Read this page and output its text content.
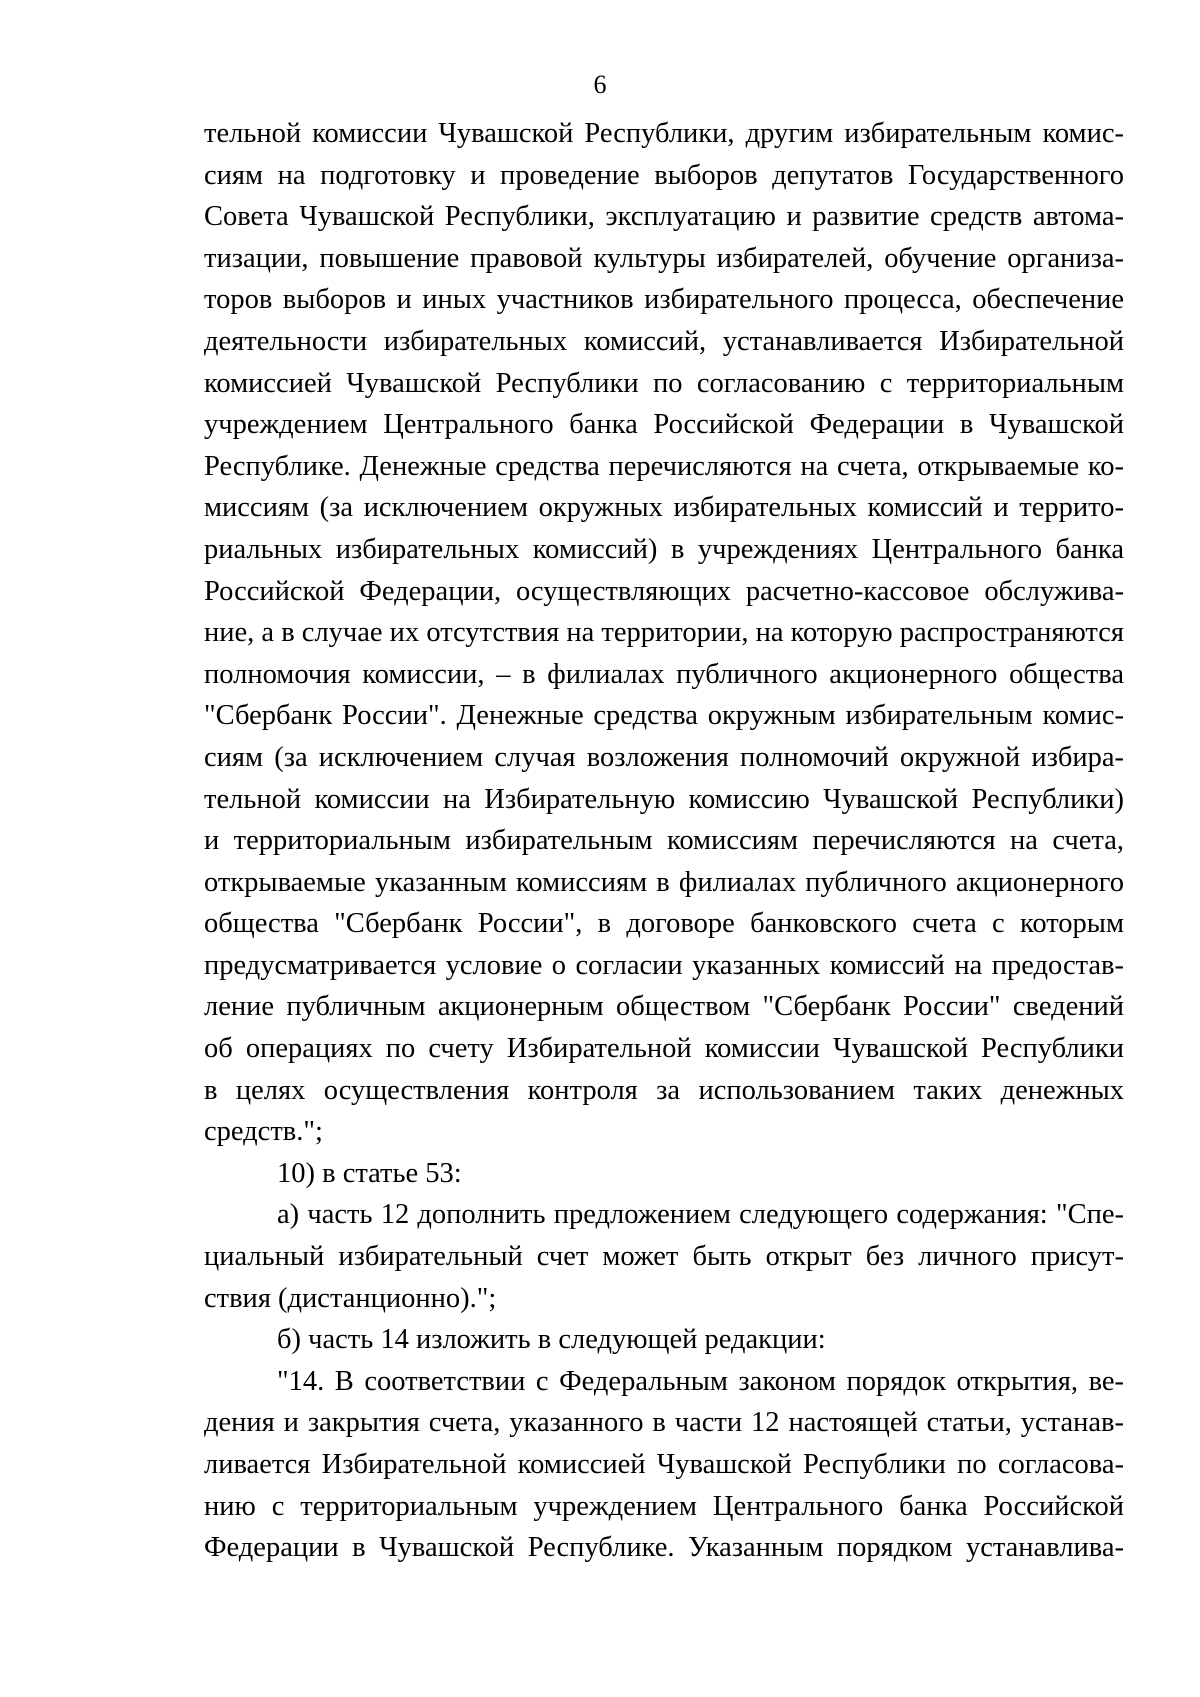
6

тельной комиссии Чувашской Республики, другим избирательным комис-

сиям на подготовку и проведение выборов депутатов Государственного

Совета Чувашской Республики, эксплуатацию и развитие средств автома-

тизации, повышение правовой культуры избирателей, обучение организа-

торов выборов и иных участников избирательного процесса, обеспечение

деятельности избирательных комиссий, устанавливается Избирательной

комиссией Чувашской Республики по согласованию с территориальным

учреждением Центрального банка Российской Федерации в Чувашской

Республике. Денежные средства перечисляются на счета, открываемые ко-

миссиям (за исключением окружных избирательных комиссий и террито-

риальных избирательных комиссий) в учреждениях Центрального банка

Российской Федерации, осуществляющих расчетно-кассовое обслужива-

ние, а в случае их отсутствия на территории, на которую распространяются

полномочия комиссии, – в филиалах публичного акционерного общества

"Сбербанк России". Денежные средства окружным избирательным комис-

сиям (за исключением случая возложения полномочий окружной избира-

тельной комиссии на Избирательную комиссию Чувашской Республики)

и территориальным избирательным комиссиям перечисляются на счета,

открываемые указанным комиссиям в филиалах публичного акционерного

общества "Сбербанк России", в договоре банковского счета с которым

предусматривается условие о согласии указанных комиссий на предостав-

ление публичным акционерным обществом "Сбербанк России" сведений

об операциях по счету Избирательной комиссии Чувашской Республики

в целях осуществления контроля за использованием таких денежных

средств.";

10) в статье 53:

а) часть 12 дополнить предложением следующего содержания: "Спе-

циальный избирательный счет может быть открыт без личного присут-

ствия (дистанционно).";

б) часть 14 изложить в следующей редакции:

"14. В соответствии с Федеральным законом порядок открытия, ве-

дения и закрытия счета, указанного в части 12 настоящей статьи, устанав-

ливается Избирательной комиссией Чувашской Республики по согласова-

нию с территориальным учреждением Центрального банка Российской

Федерации в Чувашской Республике. Указанным порядком устанавлива-
